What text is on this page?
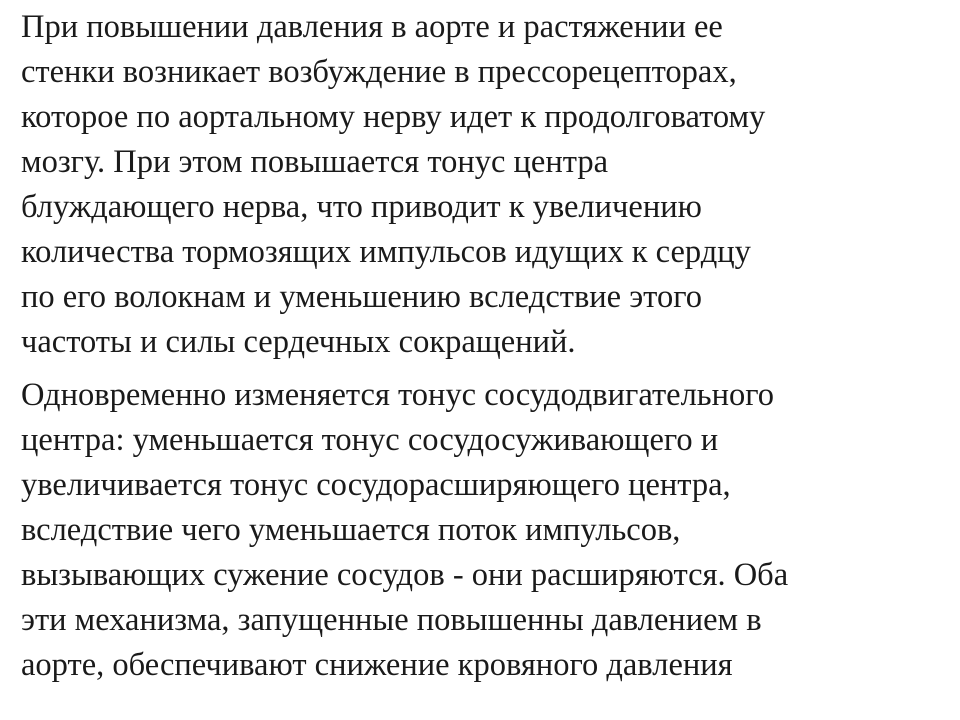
При повышении давления в аорте и растяжении ее
стенки возникает возбуждение в прессорецепторах,
которое по аортальному нерву идет к продолговатому
мозгу. При этом повышается тонус центра
блуждающего нерва, что приводит к увеличению
количества тормозящих импульсов идущих к сердцу
по его волокнам и уменьшению вследствие этого
частоты и силы сердечных сокращений.
Одновременно изменяется тонус сосудодвигательного
центра: уменьшается тонус сосудосуживающего и
увеличивается тонус сосудорасширяющего центра,
вследствие чего уменьшается поток импульсов,
вызывающих сужение сосудов - они расширяются. Оба
эти механизма, запущенные повышенны давлением в
аорте, обеспечивают снижение кровяного давления
